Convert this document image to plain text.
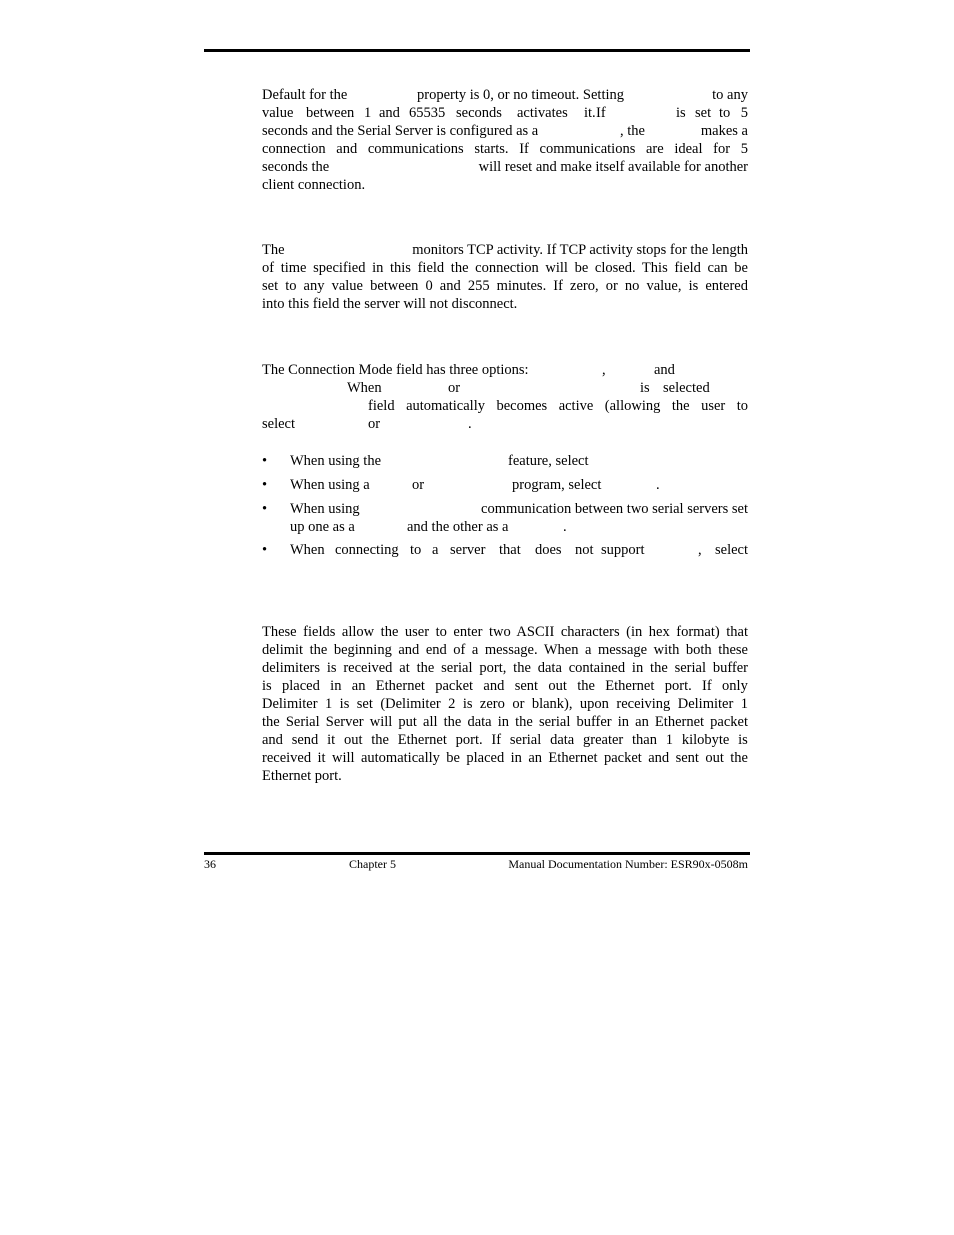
Default for the	property is 0, or no timeout. Setting	to any
value between 1 and 65535 seconds activates it. If	is set to 5
seconds and the Serial Server is configured as a	, the	makes a
connection and communications starts. If communications are ideal for 5
seconds the	will reset and make itself available for another
client connection.
The	monitors TCP activity. If TCP activity stops for the length
of time specified in this field the connection will be closed. This field can be
set to any value between 0 and 255 minutes. If zero, or no value, is entered
into this field the server will not disconnect.
The Connection Mode field has three options:	,	and
When	or	is selected
field automatically becomes active (allowing the user to
select	or	.
• When using the	feature, select
• When using a	or	program, select	.
• When using	communication between two serial servers set
up one as a	and the other as a	.
• When connecting to a server that does not support	, select
These fields allow the user to enter two ASCII characters (in hex format) that
delimit the beginning and end of a message. When a message with both these
delimiters is received at the serial port, the data contained in the serial buffer
is placed in an Ethernet packet and sent out the Ethernet port. If only
Delimiter 1 is set (Delimiter 2 is zero or blank), upon receiving Delimiter 1
the Serial Server will put all the data in the serial buffer in an Ethernet packet
and send it out the Ethernet port. If serial data greater than 1 kilobyte is
received it will automatically be placed in an Ethernet packet and sent out the
Ethernet port.
36	Chapter 5	Manual Documentation Number: ESR90x-0508m
